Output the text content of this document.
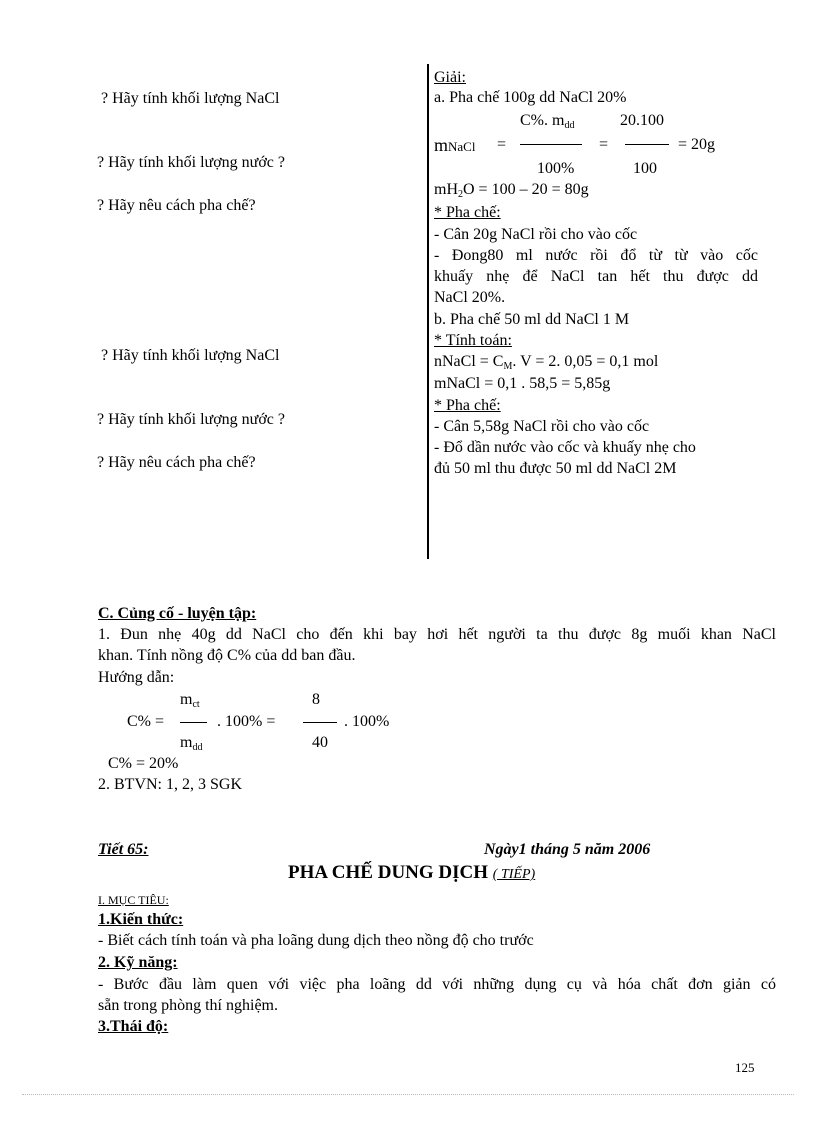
? Hãy tính khối lượng NaCl
? Hãy tính khối lượng nước ?
? Hãy nêu cách pha chế?
? Hãy tính khối lượng NaCl
? Hãy tính khối lượng nước ?
? Hãy nêu cách pha chế?
Giải:
a. Pha chế 100g dd NaCl 20%
mNaCl =
C%. $m_{dd}$
100%
=
20.100
100
= 20g
$mH_2O = 100 - 20 = 80g$
* Pha chế:
- Cân 20g NaCl rồi cho vào cốc
- Đong80 ml nước rồi đổ từ từ vào cốc
khuấy nhẹ để NaCl tan hết thu được dd
NaCl 20%.
b. Pha chế 50 ml dd NaCl 1 M
* Tính toán:
nNaCl = $C_M$. V = 2. 0,05 = 0,1 mol
mNaCl = 0,1 . 58,5 = 5,85g
* Pha chế:
- Cân 5,58g NaCl rồi cho vào cốc
- Đổ dần nước vào cốc và khuấy nhẹ cho
đủ 50 ml thu được 50 ml dd NaCl 2M
C. Củng cố - luyện tập:
1. Đun nhẹ 40g dd NaCl cho đến khi bay hơi hết người ta thu được 8g muối khan NaCl
khan. Tính nồng độ C% của dd ban đầu.
Hướng dẫn:
$m_{ct}$
C% =	. 100% =
$m_{dd}$
8
40
. 100%
C% = 20%
2. BTVN: 1, 2, 3 SGK
Tiết 65:	Ngày1 tháng 5 năm 2006
PHA CHẾ DUNG DỊCH ( TIẾP)
I. MỤC TIÊU:
1.Kiến thức:
- Biết cách tính toán và pha loãng dung dịch theo nồng độ cho trước
2. Kỹ năng:
- Bước đầu làm quen với việc pha loãng dd với những dụng cụ và hóa chất đơn giản có
sẵn trong phòng thí nghiệm.
3.Thái độ:
125
